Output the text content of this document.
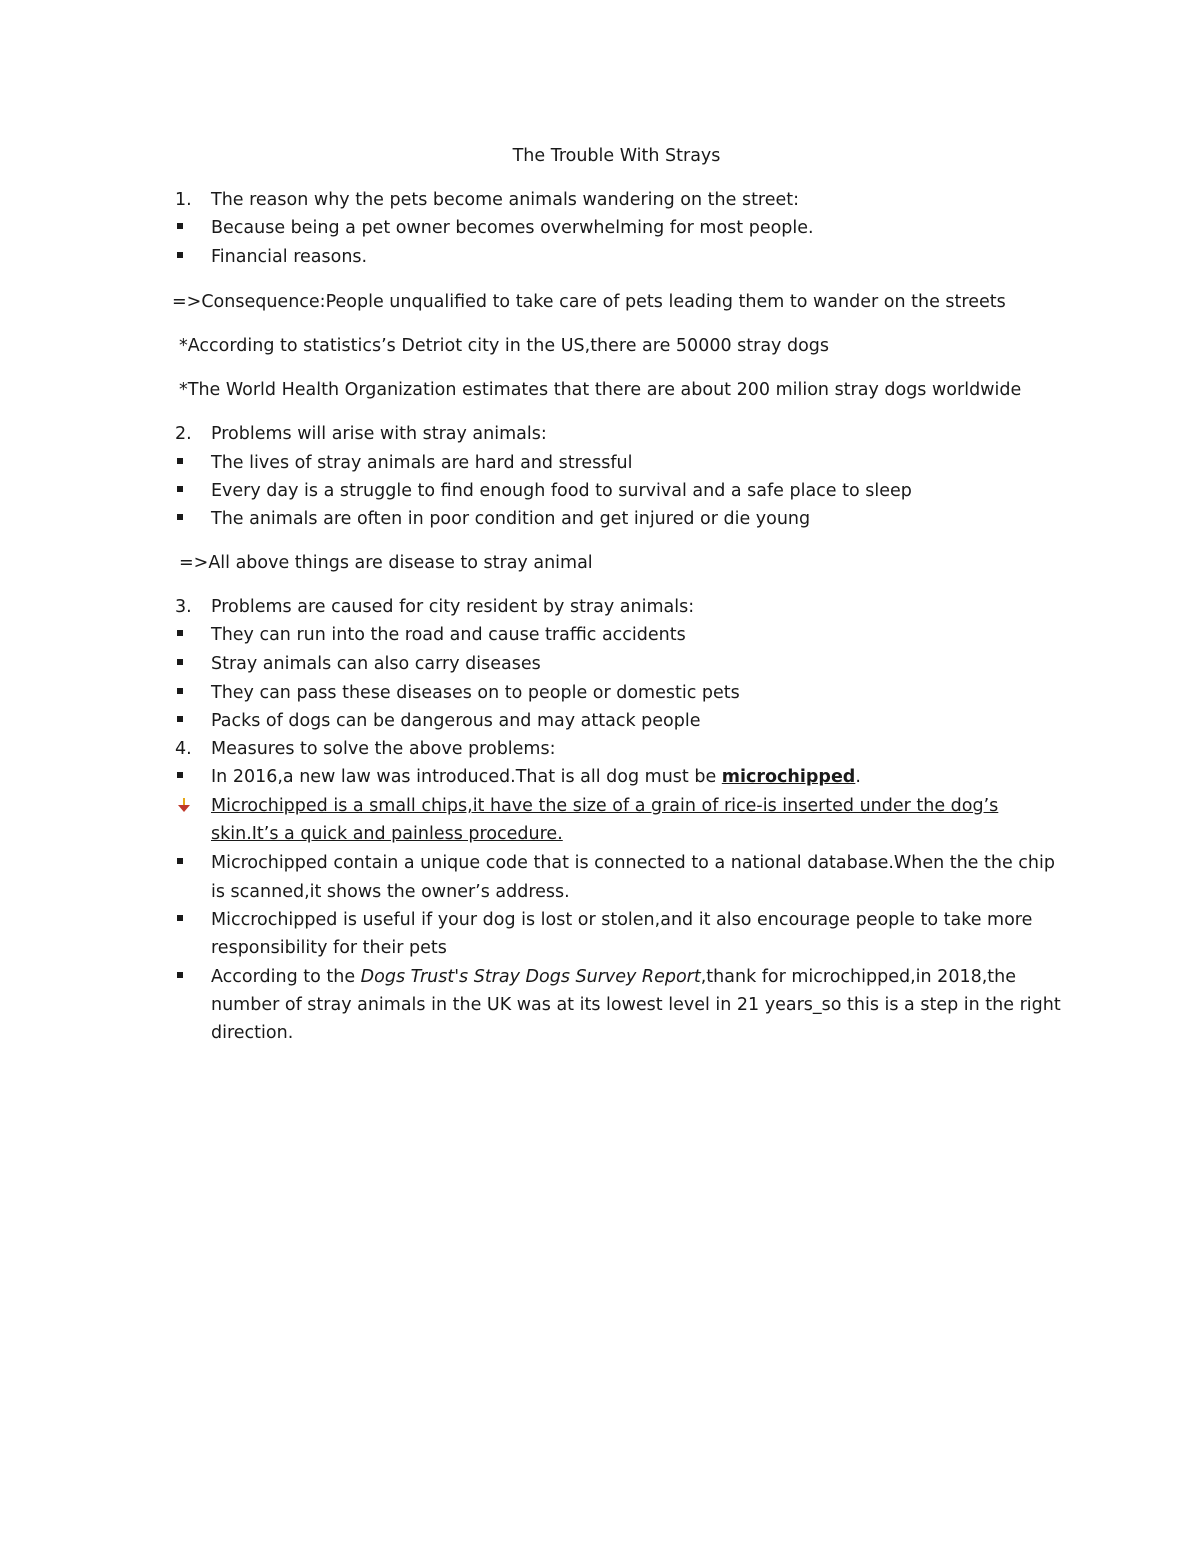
The Trouble With Strays
1. The reason why the pets become animals wandering on the street:
Because being a pet owner becomes overwhelming for most people.
Financial reasons.
=>Consequence:People unqualified to take care of pets leading them to wander on the streets
*According to statistics’s Detriot city in the US,there are 50000 stray dogs
*The World Health Organization estimates that there are about 200 milion stray dogs worldwide
2. Problems will arise with stray animals:
The lives of stray animals are hard and stressful
Every day is a struggle to find enough food to survival and a safe place to sleep
The animals are often in poor condition and get injured or die young
=>All above things are disease to stray animal
3. Problems are caused for city resident by stray animals:
They can run into the road and cause traffic accidents
Stray animals can also carry diseases
They can pass these diseases on to people or domestic pets
Packs of dogs can be dangerous and may attack people
4. Measures to solve the above problems:
In 2016,a new law was introduced.That is all dog must be microchipped.
Microchipped is a small chips,it have the size of a grain of rice-is inserted under the dog’s
skin.It’s a quick and painless procedure.
Microchipped contain a unique code that is connected to a national database.When the the chip
is scanned,it shows the owner’s address.
Miccrochipped is useful if your dog is lost or stolen,and it also encourage people to take more
responsibility for their pets
According to the Dogs Trust's Stray Dogs Survey Report,thank for microchipped,in 2018,the
number of stray animals in the UK was at its lowest level in 21 years_so this is a step in the right
direction.
